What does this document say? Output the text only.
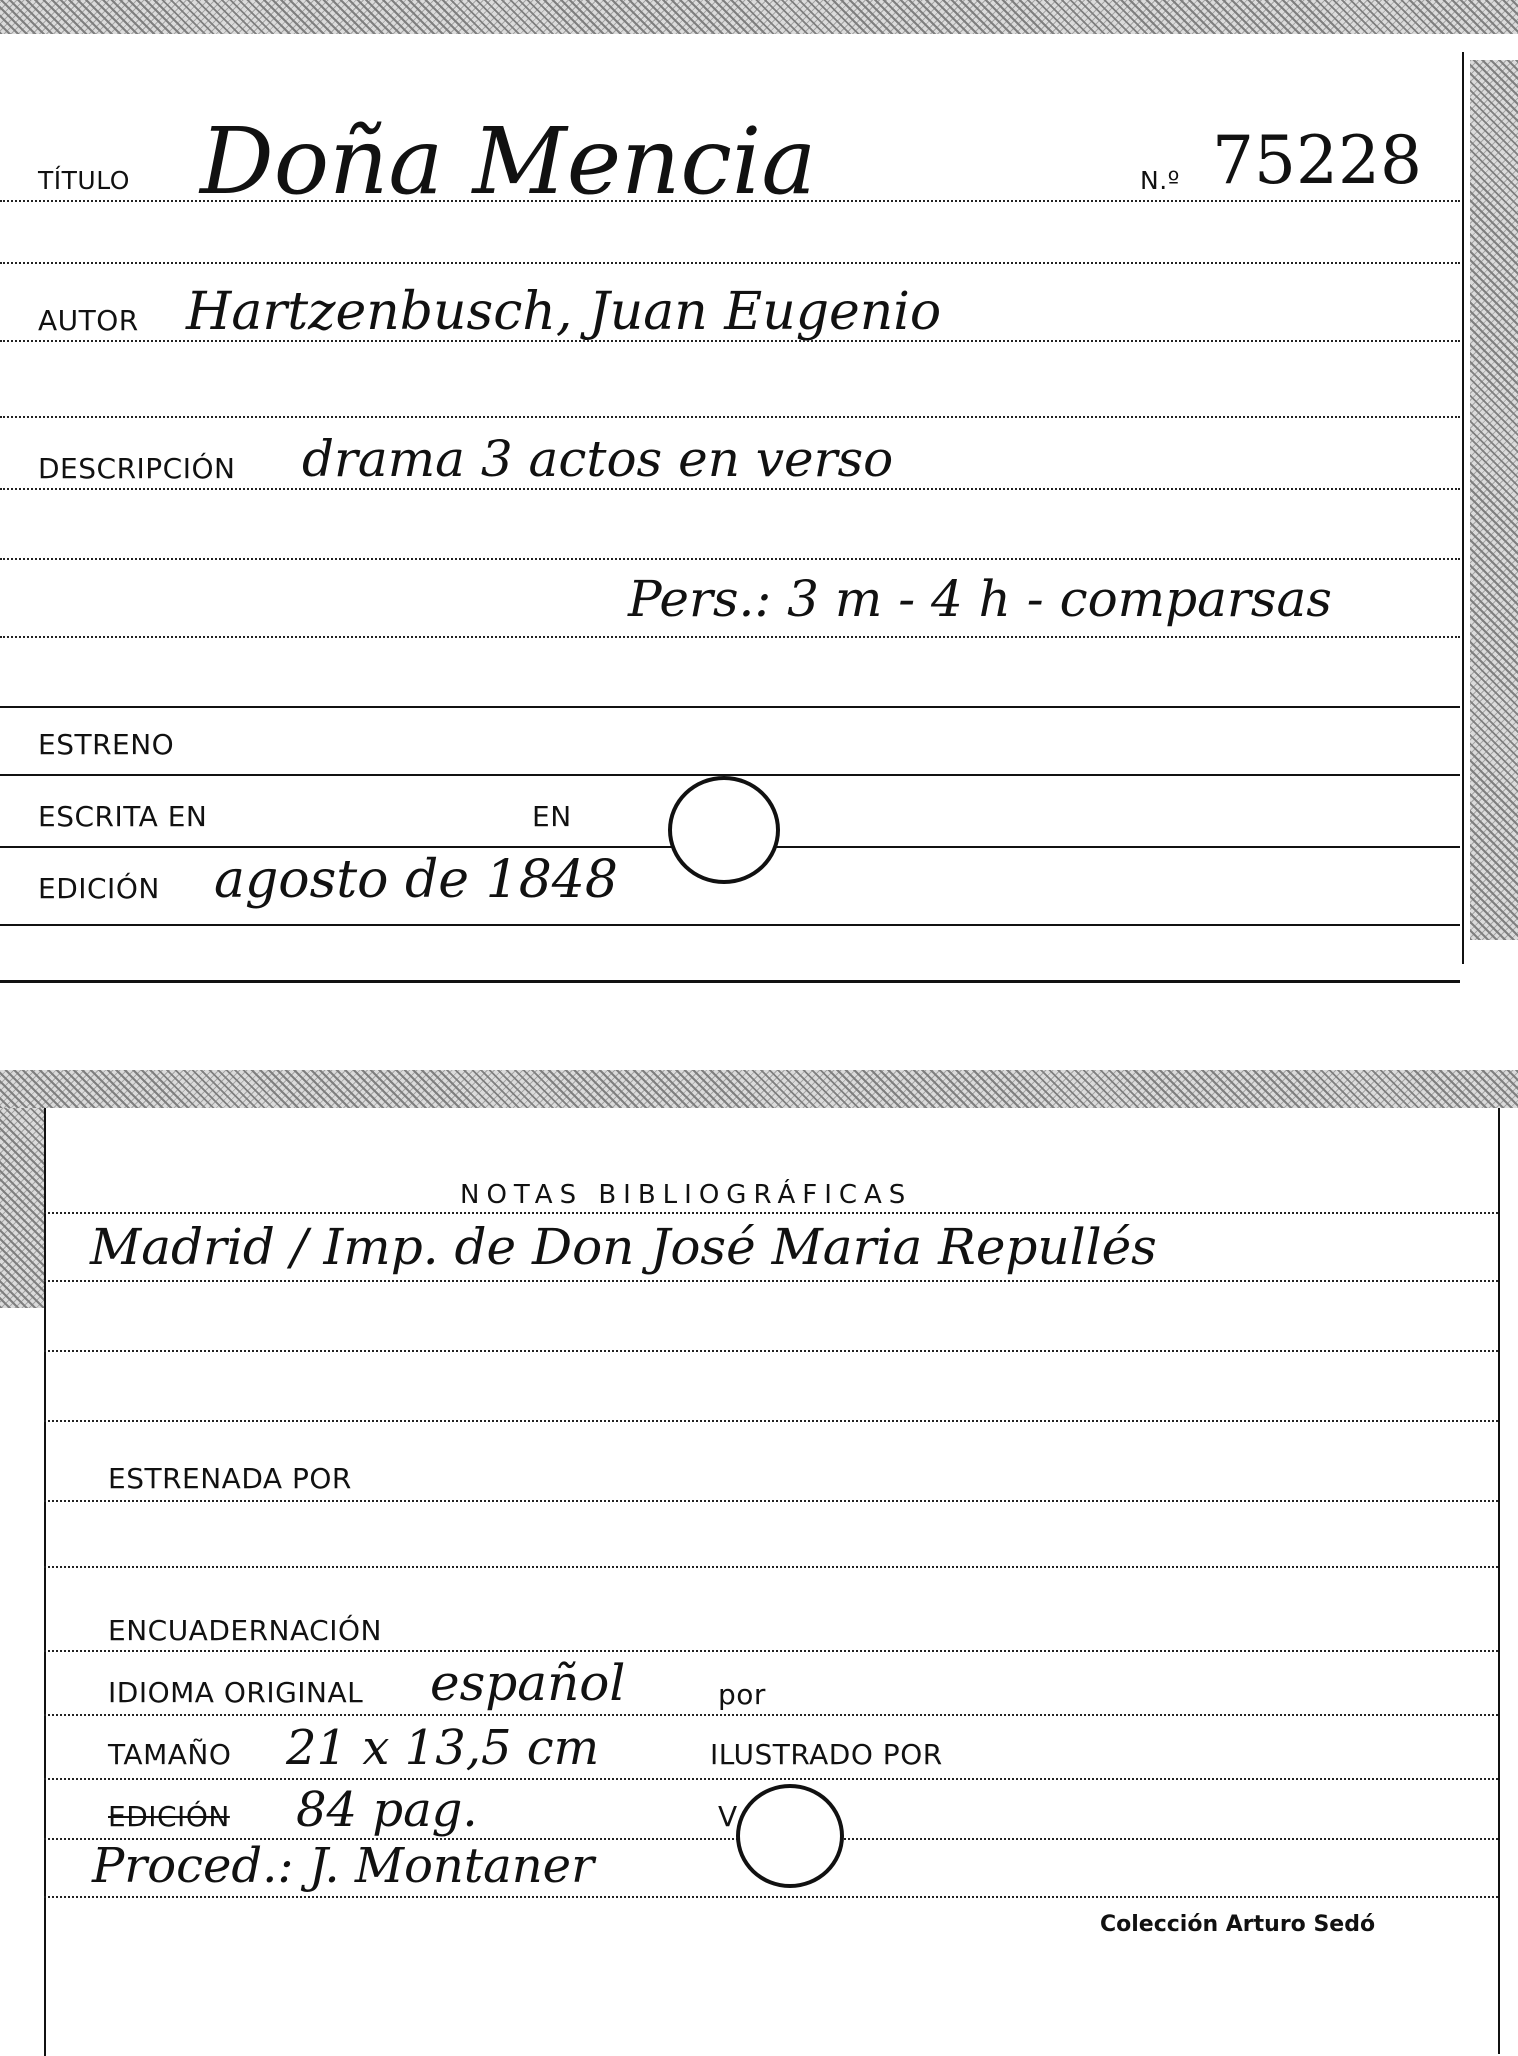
TÍTULO Doña Mencia	N.º 75228
AUTOR Hartzenbusch, Juan Eugenio
DESCRIPCIÓN drama 3 actos en verso
Pers.: 3 m - 4 h - comparsas
ESTRENO
ESCRITA EN	EN
EDICIÓN agosto de 1848
NOTAS BIBLIOGRÁFICAS
Madrid / Imp. de Don José Maria Repullés
ESTRENADA POR
ENCUADERNACIÓN
IDIOMA ORIGINAL español	por
TAMAÑO 21 x 13,5 cm	ILUSTRADO POR
EDICIÓN 84 pag.	V
Proced.: J. Montaner
Colección Arturo Sedó
